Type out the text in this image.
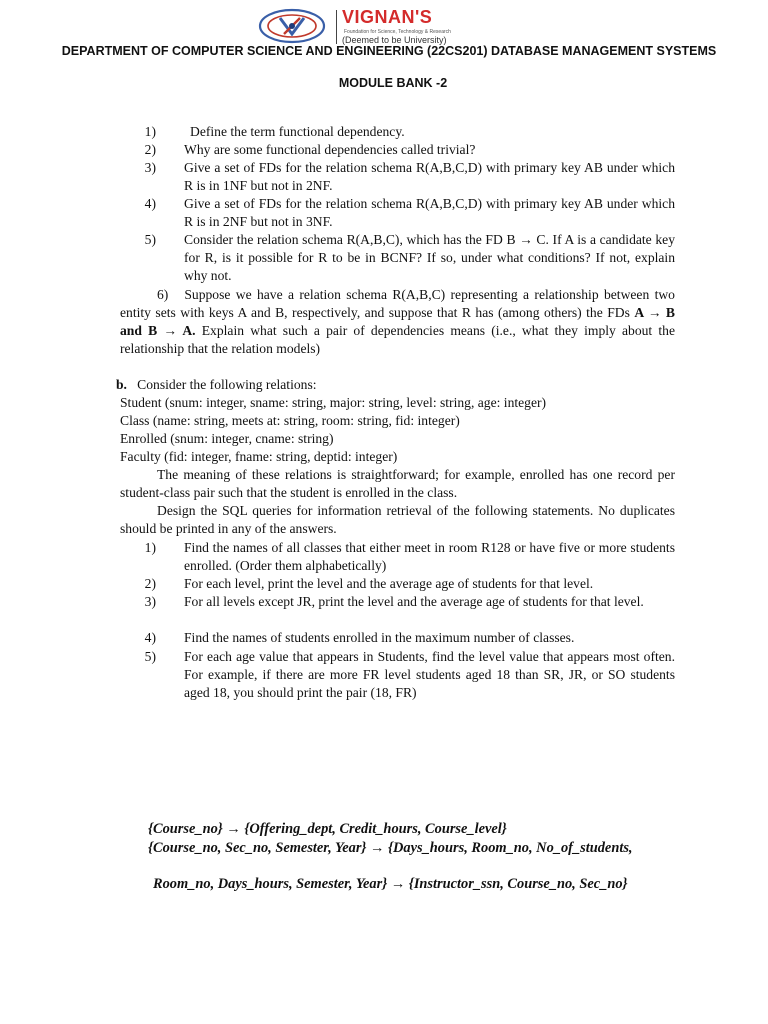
VIGNAN'S
Foundation for Science, Technology & Research
(Deemed to be University)
DEPARTMENT OF COMPUTER SCIENCE AND ENGINEERING (22CS201) DATABASE MANAGEMENT SYSTEMS
MODULE BANK -2
1)	Define the term functional dependency.
2) Why are some functional dependencies called trivial?
3) Give a set of FDs for the relation schema R(A,B,C,D) with primary key AB under which R is in 1NF but not in 2NF.
4) Give a set of FDs for the relation schema R(A,B,C,D) with primary key AB under which R is in 2NF but not in 3NF.
5) Consider the relation schema R(A,B,C), which has the FD B → C. If A is a candidate key for R, is it possible for R to be in BCNF? If so, under what conditions? If not, explain why not.
6) Suppose we have a relation schema R(A,B,C) representing a relationship between two entity sets with keys A and B, respectively, and suppose that R has (among others) the FDs A → B and B → A. Explain what such a pair of dependencies means (i.e., what they imply about the relationship that the relation models)
b. Consider the following relations:
Student (snum: integer, sname: string, major: string, level: string, age: integer)
Class (name: string, meets at: string, room: string, fid: integer)
Enrolled (snum: integer, cname: string)
Faculty (fid: integer, fname: string, deptid: integer)
The meaning of these relations is straightforward; for example, enrolled has one record per student-class pair such that the student is enrolled in the class.
Design the SQL queries for information retrieval of the following statements. No duplicates should be printed in any of the answers.
1) Find the names of all classes that either meet in room R128 or have five or more students enrolled. (Order them alphabetically)
2) For each level, print the level and the average age of students for that level.
3) For all levels except JR, print the level and the average age of students for that level.
4) Find the names of students enrolled in the maximum number of classes.
5) For each age value that appears in Students, find the level value that appears most often. For example, if there are more FR level students aged 18 than SR, JR, or SO students aged 18, you should print the pair (18, FR)
{Course_no} → {Offering_dept, Credit_hours, Course_level}
{Course_no, Sec_no, Semester, Year} → {Days_hours, Room_no, No_of_students,
Room_no, Days_hours, Semester, Year} → {Instructor_ssn, Course_no, Sec_no}
